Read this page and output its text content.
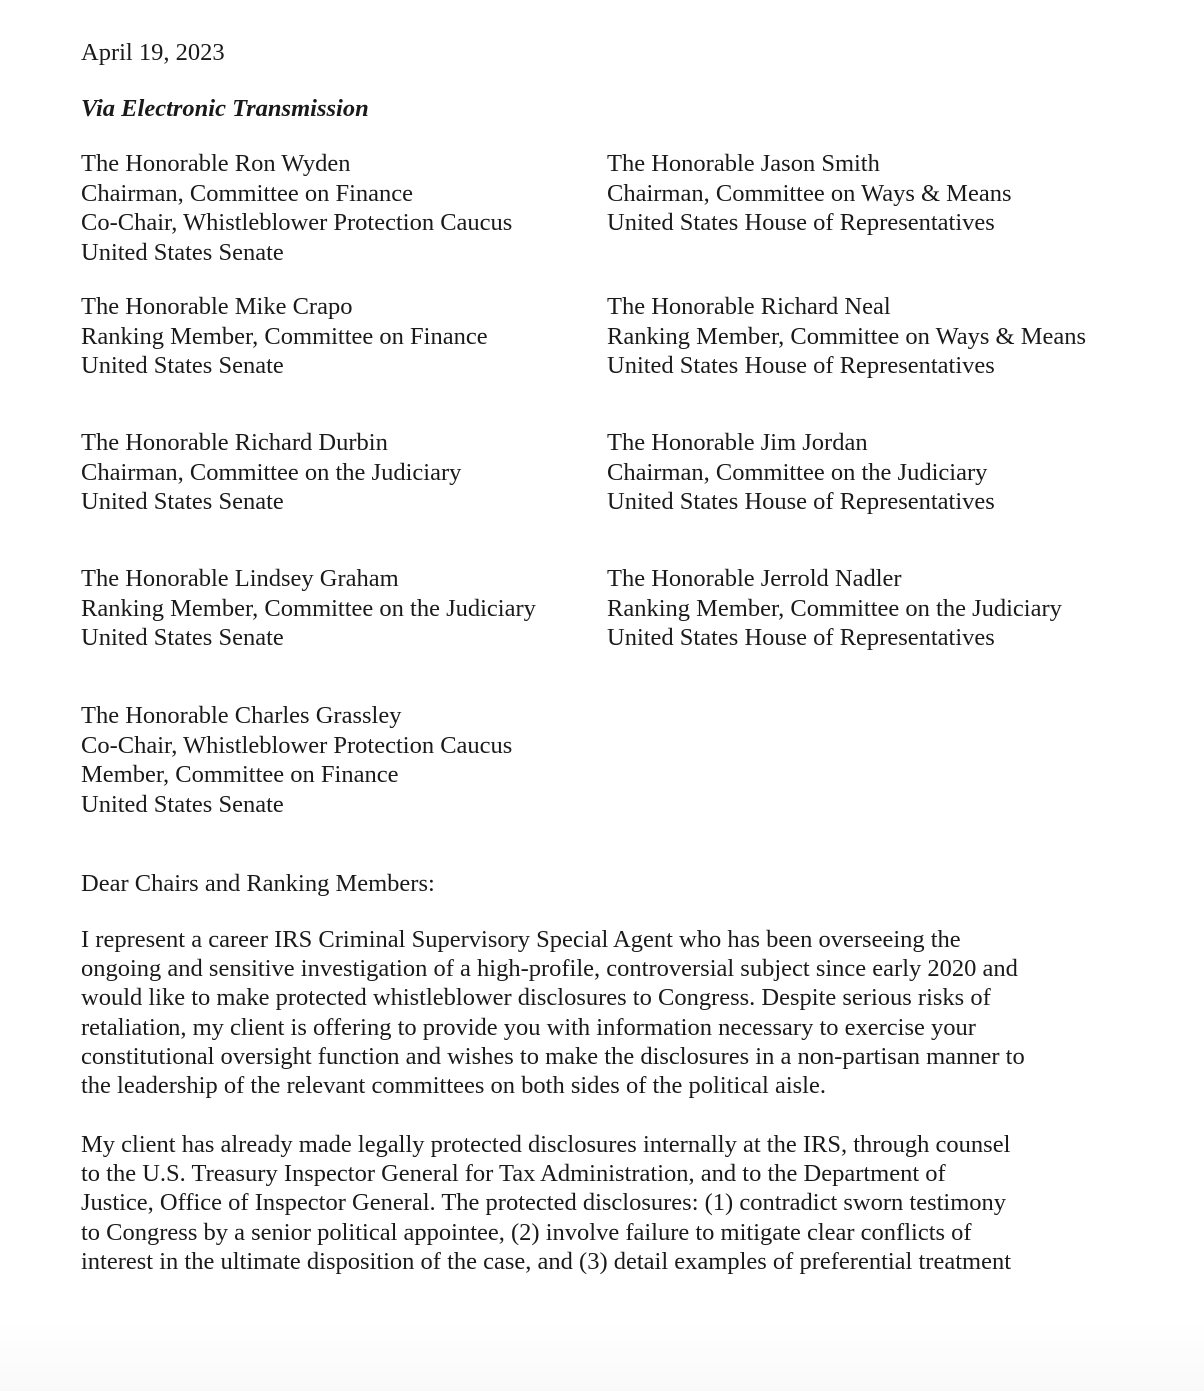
April 19, 2023
Via Electronic Transmission
The Honorable Ron Wyden
Chairman, Committee on Finance
Co-Chair, Whistleblower Protection Caucus
United States Senate
The Honorable Jason Smith
Chairman, Committee on Ways & Means
United States House of Representatives
The Honorable Mike Crapo
Ranking Member, Committee on Finance
United States Senate
The Honorable Richard Neal
Ranking Member, Committee on Ways & Means
United States House of Representatives
The Honorable Richard Durbin
Chairman, Committee on the Judiciary
United States Senate
The Honorable Jim Jordan
Chairman, Committee on the Judiciary
United States House of Representatives
The Honorable Lindsey Graham
Ranking Member, Committee on the Judiciary
United States Senate
The Honorable Jerrold Nadler
Ranking Member, Committee on the Judiciary
United States House of Representatives
The Honorable Charles Grassley
Co-Chair, Whistleblower Protection Caucus
Member, Committee on Finance
United States Senate
Dear Chairs and Ranking Members:
I represent a career IRS Criminal Supervisory Special Agent who has been overseeing the
ongoing and sensitive investigation of a high-profile, controversial subject since early 2020 and
would like to make protected whistleblower disclosures to Congress. Despite serious risks of
retaliation, my client is offering to provide you with information necessary to exercise your
constitutional oversight function and wishes to make the disclosures in a non-partisan manner to
the leadership of the relevant committees on both sides of the political aisle.
My client has already made legally protected disclosures internally at the IRS, through counsel
to the U.S. Treasury Inspector General for Tax Administration, and to the Department of
Justice, Office of Inspector General. The protected disclosures: (1) contradict sworn testimony
to Congress by a senior political appointee, (2) involve failure to mitigate clear conflicts of
interest in the ultimate disposition of the case, and (3) detail examples of preferential treatment
